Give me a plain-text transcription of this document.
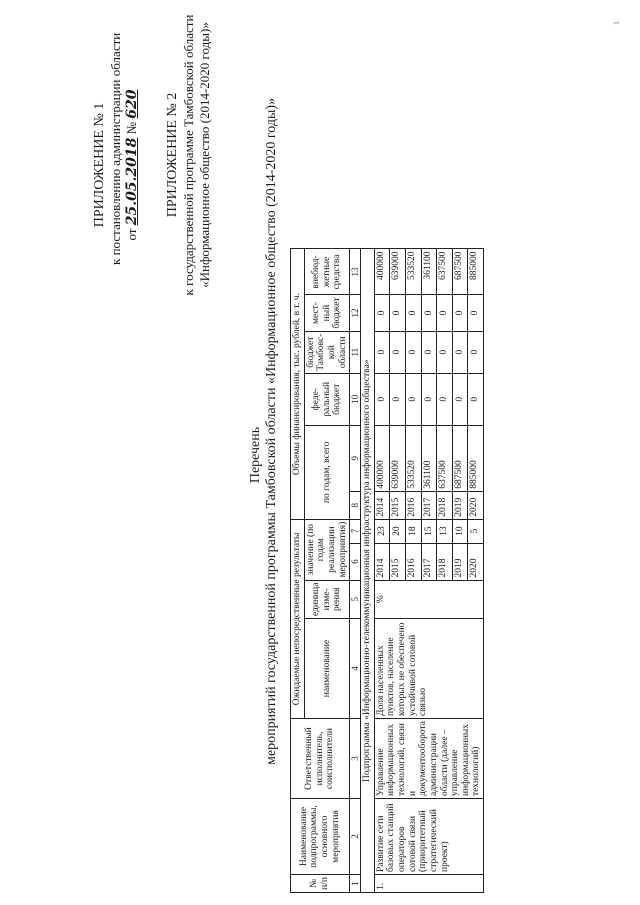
ПРИЛОЖЕНИЕ № 1 к постановлению администрации области от 25.05.2018 № 620 ПРИЛОЖЕНИЕ № 2 к государственной программе Тамбовской области «Информационное общество (2014-2020 годы)»
Перечень мероприятий государственной программы Тамбовской области «Информационное общество (2014-2020 годы)»
№ п/п	Наименование подпрограммы, основного мероприятия	Ответственный исполнитель, соисполнители	Ожидаемые непосредственные результаты				Объемы финансирования, тыс. рублей, в т. ч.					
			наименование	единица изме-рения	значение (по годам реализации мероприятия)		по годам, всего		феде-ральный бюджет	бюджет Тамбовс-кой области	мест-ный бюджет	внебюд-жетные средства
1	2	3	4	5	6	7	8	9	10	11	12	13
Подпрограмма «Информационно-телекоммуникационная инфраструктура информационного общества»												
1.	Развитие сети базовых станций операторов сотовой связи (приоритетный стратегический проект)	Управление информационных технологий, связи и документооборота администрации области (далее – управление информационных технологий)	Доля населенных пунктов, население которых не обеспечено устойчивой сотовой связью	%	2014	23	2014	400000	0	0	0	400000
					2015	20	2015	639000	0	0	0	639000
					2016	18	2016	533520	0	0	0	533520
					2017	15	2017	361100	0	0	0	361100
					2018	13	2018	637500	0	0	0	637500
					2019	10	2019	687500	0	0	0	687500
					2020	5	2020	885000	0	0	0	885000
1
